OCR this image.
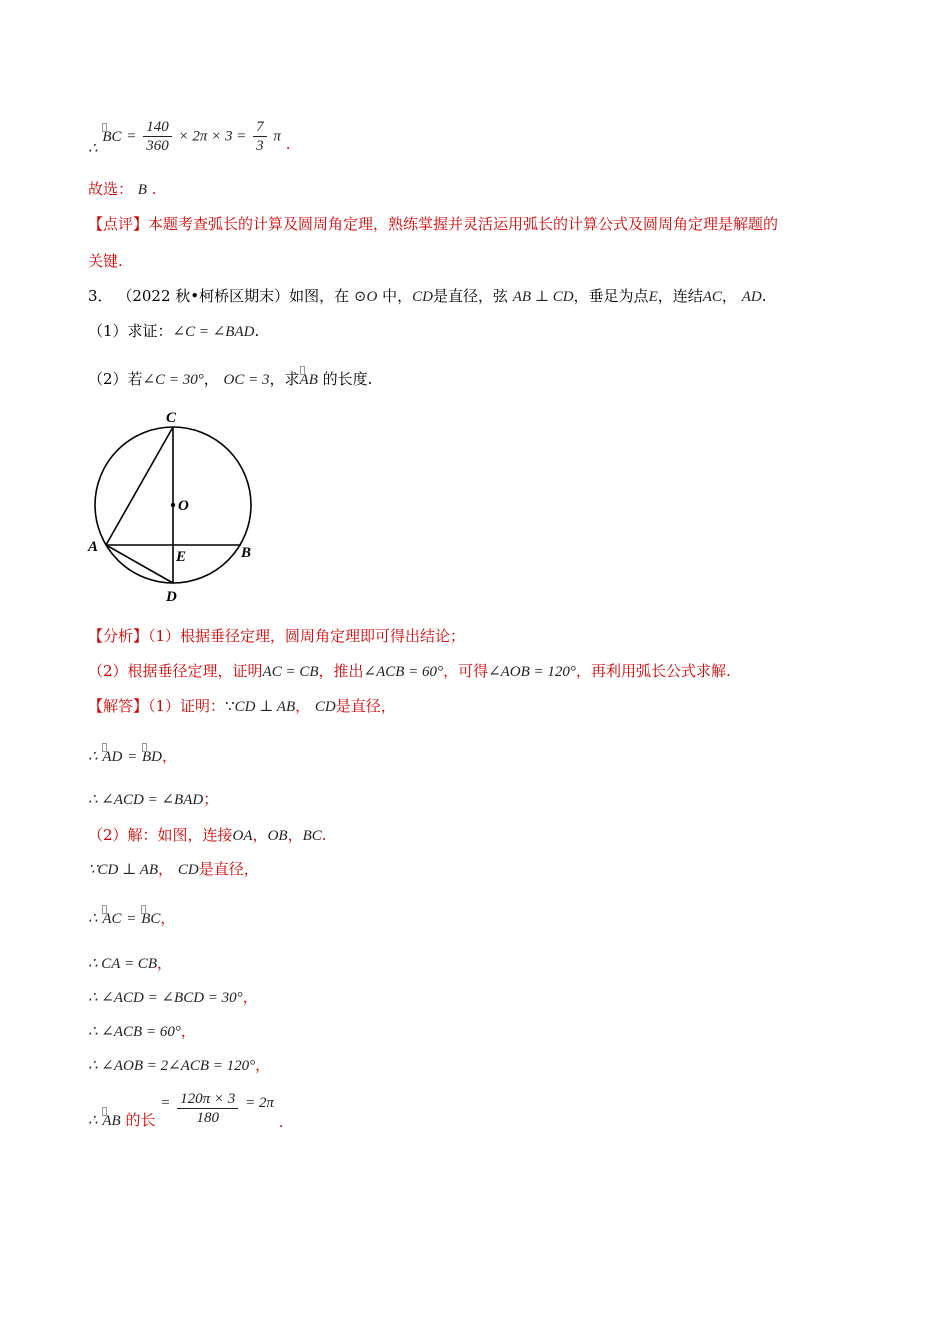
∴ BC = $\frac{140}{360} \times 2\pi \times 3 = \frac{7}{3}$ π .
故选： B .
【点评】本题考查弧长的计算及圆周角定理，熟练掌握并灵活运用弧长的计算公式及圆周角定理是解题的
关键.
3． （2022 秋•柯桥区期末）如图，在 ⊙O 中，CD是直径，弦 AB ⊥ CD，垂足为点E，连结AC， AD.
（1）求证：∠C = ∠BAD.
（2）若∠C = 30°， OC = 3，求AB 的长度.
C
O
A
E	B
D
【分析】（1）根据垂径定理，圆周角定理即可得出结论；
（2）根据垂径定理，证明AC = CB，推出∠ACB = 60°，可得∠AOB = 120°，再利用弧长公式求解.
【解答】（1）证明：∵CD ⊥ AB， CD是直径，
∴ AD = BD，
∴ ∠ACD = ∠BAD；
（2）解：如图，连接OA，OB，BC.
∵CD ⊥ AB， CD是直径，
∴ AC = BC，
∴ CA = CB，
∴ ∠ACD = ∠BCD = 30°，
∴ ∠ACB = 60°，
∴ ∠AOB = 2∠ACB = 120°，
∴ AB 的长 = $\frac{120\pi \times 3}{180} = 2\pi$ .
